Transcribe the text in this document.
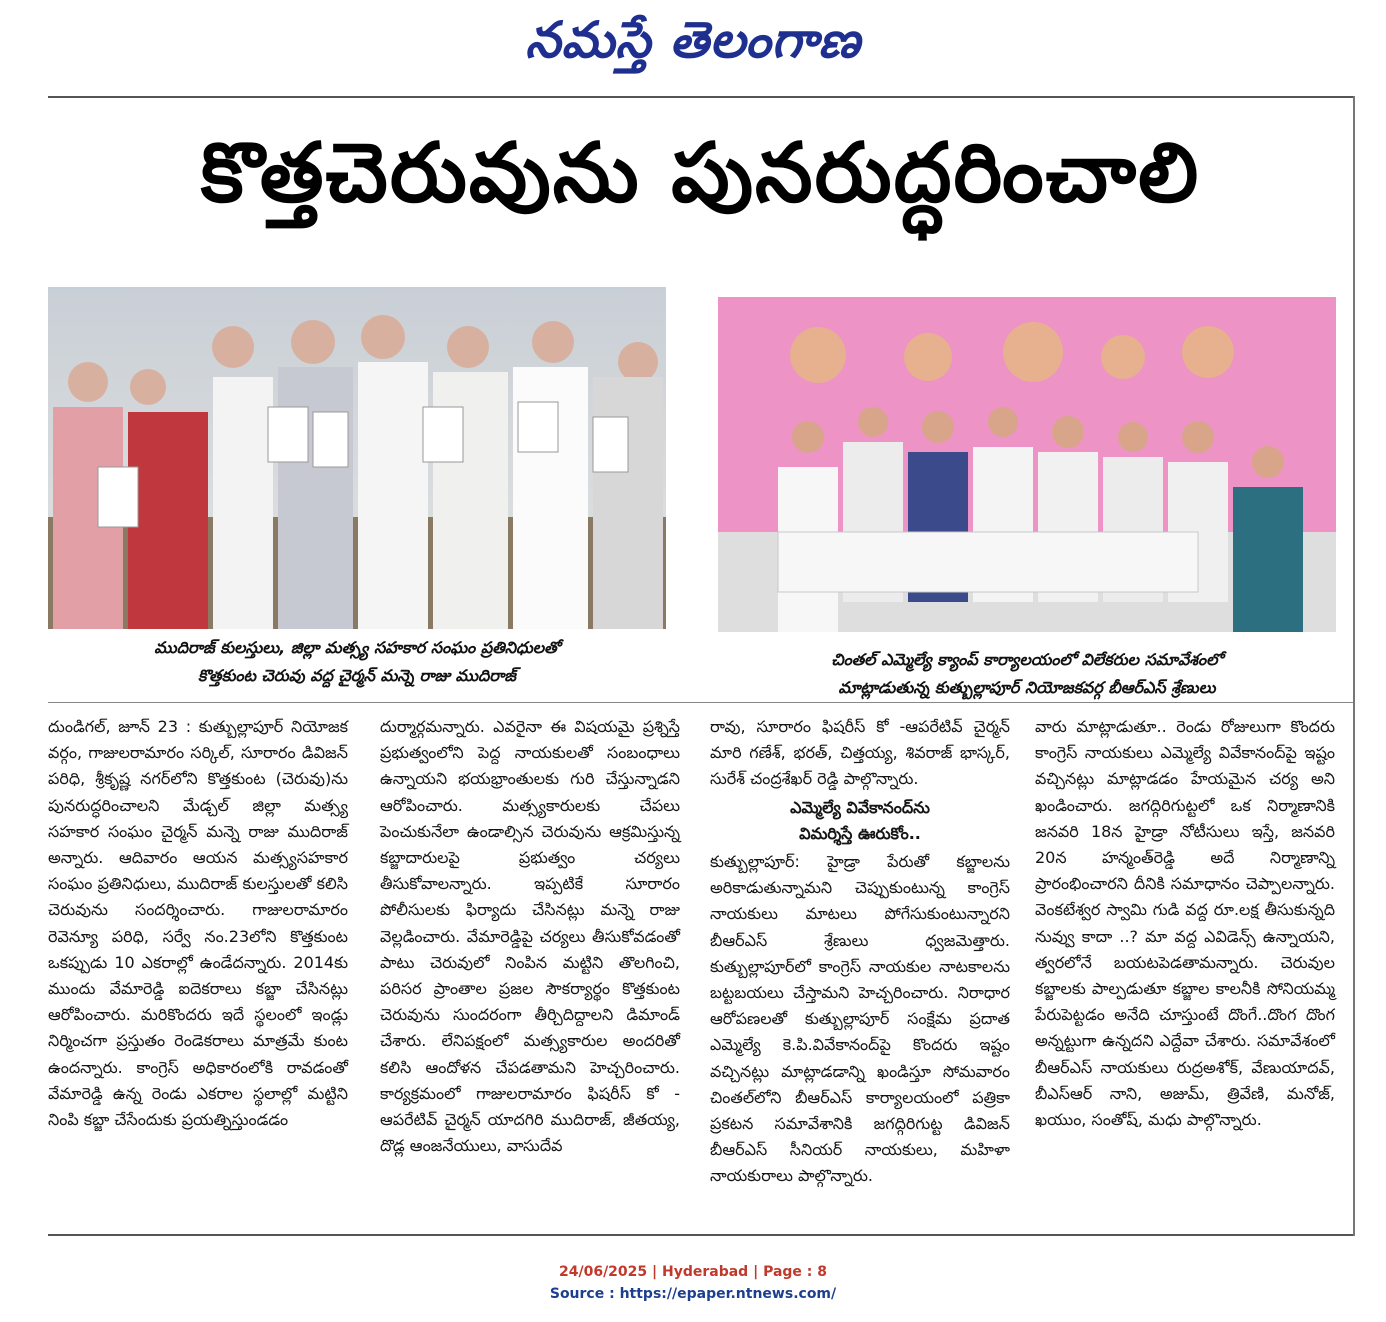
నమస్తే తెలంగాణ
కొత్తచెరువును పునరుద్ధరించాలి
ముదిరాజ్ కులస్తులు, జిల్లా మత్స్య సహకార సంఘం ప్రతినిధులతో
కొత్తకుంట చెరువు వద్ద చైర్మన్ మన్నె రాజు ముదిరాజ్
చింతల్ ఎమ్మెల్యే క్యాంప్ కార్యాలయంలో విలేకరుల సమావేశంలో
మాట్లాడుతున్న కుత్బుల్లాపూర్ నియోజకవర్గ బీఆర్ఎస్ శ్రేణులు

దుండిగల్, జూన్ 23 : కుత్బుల్లాపూర్ నియోజక వర్గం, గాజులరామారం సర్కిల్, సూరారం డివిజన్ పరిధి, శ్రీకృష్ణ నగర్‌లోని కొత్తకుంట (చెరువు)ను పునరుద్ధరించాలని మేడ్చల్ జిల్లా మత్స్య సహకార సంఘం చైర్మన్ మన్నె రాజు ముదిరాజ్ అన్నారు. ఆదివారం ఆయన మత్స్యసహకార సంఘం ప్రతినిధులు, ముదిరాజ్ కులస్తులతో కలిసి చెరువును సందర్శించారు. గాజులరామారం రెవెన్యూ పరిధి, సర్వే నం.23లోని కొత్తకుంట ఒకప్పుడు 10 ఎకరాల్లో ఉండేదన్నారు. 2014కు ముందు వేమారెడ్డి ఐదెకరాలు కబ్జా చేసినట్లు ఆరోపించారు. మరికొందరు ఇదే స్థలంలో ఇండ్లు నిర్మించగా ప్రస్తుతం రెండెకరాలు మాత్రమే కుంట ఉందన్నారు. కాంగ్రెస్ అధికారంలోకి రావడంతో వేమారెడ్డి ఉన్న రెండు ఎకరాల స్థలాల్లో మట్టిని నింపి కబ్జా చేసేందుకు ప్రయత్నిస్తుండడం

దుర్మార్గమన్నారు. ఎవరైనా ఈ విషయమై ప్రశ్నిస్తే ప్రభుత్వంలోని పెద్ద నాయకులతో సంబంధాలు ఉన్నాయని భయభ్రాంతులకు గురి చేస్తున్నాడని ఆరోపించారు. మత్స్యకారులకు చేపలు పెంచుకునేలా ఉండాల్సిన చెరువును ఆక్రమిస్తున్న కబ్జాదారులపై ప్రభుత్వం చర్యలు తీసుకోవాలన్నారు. ఇప్పటికే సూరారం పోలీసులకు ఫిర్యాదు చేసినట్లు మన్నె రాజు వెల్లడించారు. వేమారెడ్డిపై చర్యలు తీసుకోవడంతో పాటు చెరువులో నింపిన మట్టిని తొలగించి, పరిసర ప్రాంతాల ప్రజల సౌకర్యార్థం కొత్తకుంట చెరువును సుందరంగా తీర్చిదిద్దాలని డిమాండ్ చేశారు. లేనిపక్షంలో మత్స్యకారుల అందరితో కలిసి ఆందోళన చేపడతామని హెచ్చరించారు. కార్యక్రమంలో గాజులరామారం ఫిషరీస్ కో - ఆపరేటివ్ చైర్మన్ యాదగిరి ముదిరాజ్, జీతయ్య, దొడ్ల ఆంజనేయులు, వాసుదేవ

రావు, సూరారం ఫిషరీస్ కో -ఆపరేటివ్ చైర్మన్ మారి గణేశ్, భరత్, చిత్తయ్య, శివరాజ్ భాస్కర్, సురేశ్ చంద్రశేఖర్ రెడ్డి పాల్గొన్నారు.

ఎమ్మెల్యే వివేకానంద్‌ను
విమర్శిస్తే ఊరుకోం..

కుత్బుల్లాపూర్: హైడ్రా పేరుతో కబ్జాలను అరికాడుతున్నామని చెప్పుకుంటున్న కాంగ్రెస్ నాయకులు మాటలు పోగేసుకుంటున్నారని బీఆర్ఎస్ శ్రేణులు ధ్వజమెత్తారు. కుత్బుల్లాపూర్‌లో కాంగ్రెస్ నాయకుల నాటకాలను బట్టబయలు చేస్తామని హెచ్చరించారు. నిరాధార ఆరోపణలతో కుత్బుల్లాపూర్ సంక్షేమ ప్రదాత ఎమ్మెల్యే కె.పి.వివేకానంద్‌పై కొందరు ఇష్టం వచ్చినట్లు మాట్లాడడాన్ని ఖండిస్తూ సోమవారం చింతల్‌లోని బీఆర్ఎస్ కార్యాలయంలో పత్రికా ప్రకటన సమావేశానికి జగద్గిరిగుట్ట డివిజన్ బీఆర్ఎస్ సీనియర్ నాయకులు, మహిళా నాయకురాలు పాల్గొన్నారు.

వారు మాట్లాడుతూ.. రెండు రోజులుగా కొందరు కాంగ్రెస్ నాయకులు ఎమ్మెల్యే వివేకానంద్‌పై ఇష్టం వచ్చినట్లు మాట్లాడడం హేయమైన చర్య అని ఖండించారు. జగద్గిరిగుట్టలో ఒక నిర్మాణానికి జనవరి 18న హైడ్రా నోటీసులు ఇస్తే, జనవరి 20న హన్మంత్‌రెడ్డి అదే నిర్మాణాన్ని ప్రారంభించారని దీనికి సమాధానం చెప్పాలన్నారు. వెంకటేశ్వర స్వామి గుడి వద్ద రూ.లక్ష తీసుకున్నది నువ్వు కాదా ..? మా వద్ద ఎవిడెన్స్ ఉన్నాయని, త్వరలోనే బయటపెడతామన్నారు. చెరువుల కబ్జాలకు పాల్పడుతూ కబ్జాల కాలనీకి సోనియమ్మ పేరుపెట్టడం అనేది చూస్తుంటే దొంగే..దొంగ దొంగ అన్నట్టుగా ఉన్నదని ఎద్దేవా చేశారు. సమావేశంలో బీఆర్ఎస్ నాయకులు రుద్రఅశోక్, వేణుయాదవ్, బీఎస్ఆర్ నాని, అజుమ్, త్రివేణి, మనోజ్, ఖయుం, సంతోష్, మధు పాల్గొన్నారు.

24/06/2025 | Hyderabad | Page : 8
Source : https://epaper.ntnews.com/
